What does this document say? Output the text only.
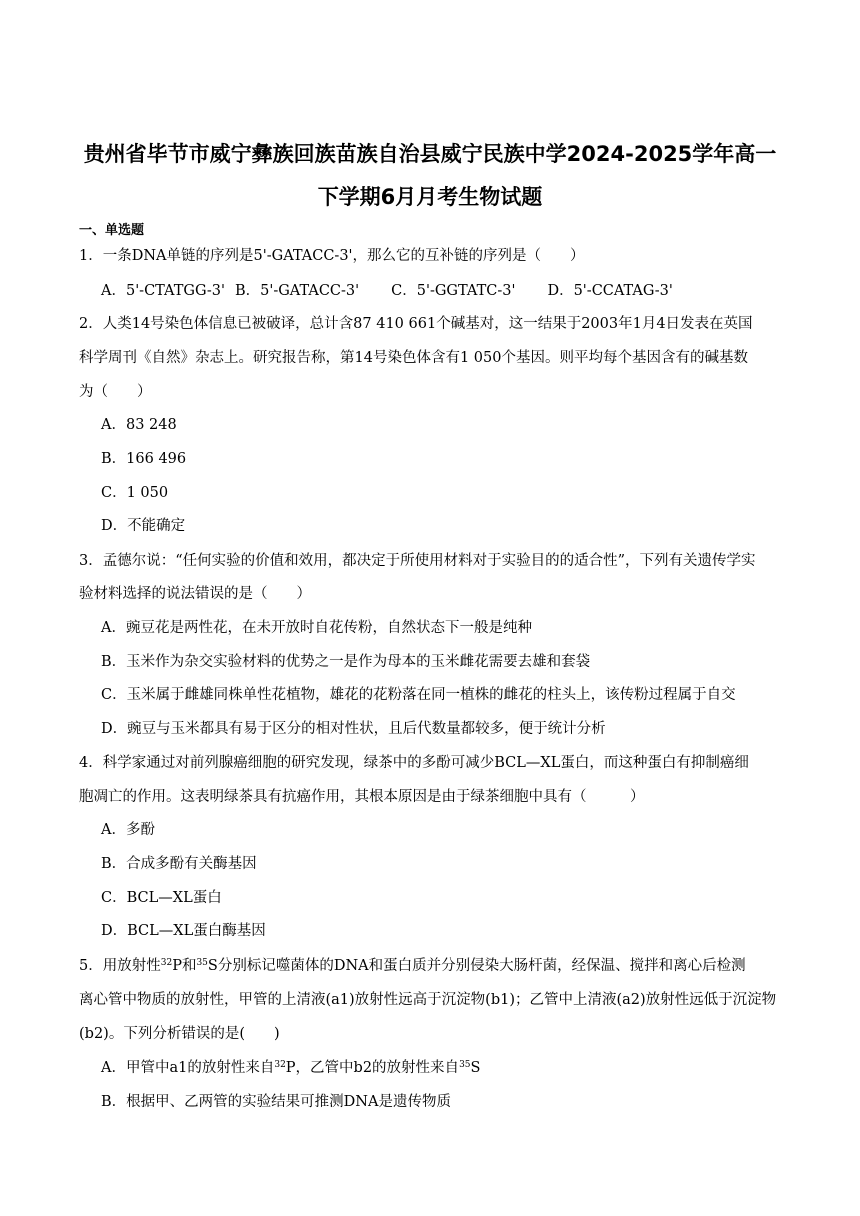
贵州省毕节市威宁彝族回族苗族自治县威宁民族中学2024-2025学年高一
下学期6月月考生物试题
一、单选题
1．一条DNA单链的序列是5'-GATACC-3'，那么它的互补链的序列是（　　）
A．5'-CTATGG-3' B．5'-GATACC-3' C．5'-GGTATC-3' D．5'-CCATAG-3'
2．人类14号染色体信息已被破译，总计含87 410 661个碱基对，这一结果于2003年1月4日发表在英国
科学周刊《自然》杂志上。研究报告称，第14号染色体含有1 050个基因。则平均每个基因含有的碱基数
为（　　）
A．83 248
B．166 496
C．1 050
D．不能确定
3．孟德尔说：“任何实验的价值和效用，都决定于所使用材料对于实验目的的适合性”，下列有关遗传学实
验材料选择的说法错误的是（　　）
A．豌豆花是两性花，在未开放时自花传粉，自然状态下一般是纯种
B．玉米作为杂交实验材料的优势之一是作为母本的玉米雌花需要去雄和套袋
C．玉米属于雌雄同株单性花植物，雄花的花粉落在同一植株的雌花的柱头上，该传粉过程属于自交
D．豌豆与玉米都具有易于区分的相对性状，且后代数量都较多，便于统计分析
4．科学家通过对前列腺癌细胞的研究发现，绿茶中的多酚可减少BCL—XL蛋白，而这种蛋白有抑制癌细
胞凋亡的作用。这表明绿茶具有抗癌作用，其根本原因是由于绿茶细胞中具有（　　　）
A．多酚
B．合成多酚有关酶基因
C．BCL—XL蛋白
D．BCL—XL蛋白酶基因
5．用放射性$^{32}$P和$^{35}$S分别标记噬菌体的DNA和蛋白质并分别侵染大肠杆菌，经保温、搅拌和离心后检测
离心管中物质的放射性，甲管的上清液(a1)放射性远高于沉淀物(b1)；乙管中上清液(a2)放射性远低于沉淀物
(b2)。下列分析错误的是(　　)
A．甲管中a1的放射性来自$^{32}$P，乙管中b2的放射性来自$^{35}$S
B．根据甲、乙两管的实验结果可推测DNA是遗传物质
